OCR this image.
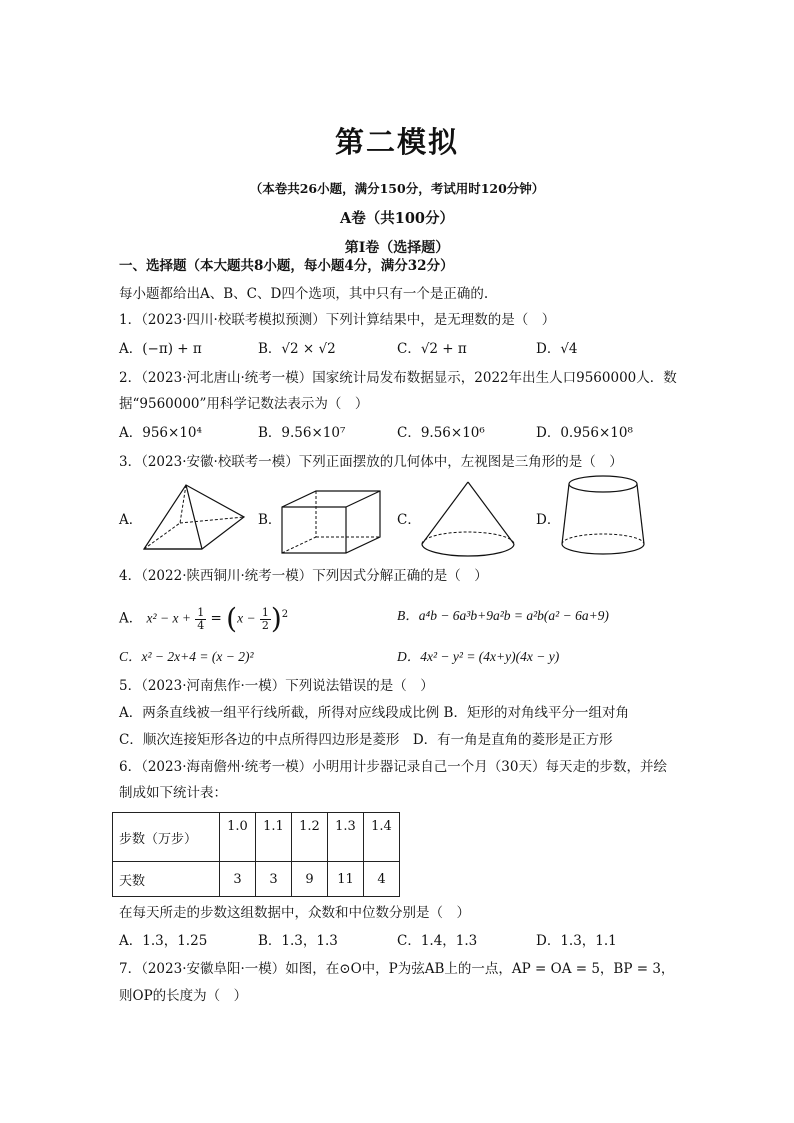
第二模拟
（本卷共26小题，满分150分，考试用时120分钟）
A卷（共100分）
第I卷（选择题）
一、选择题（本大题共8小题，每小题4分，满分32分）
每小题都给出A、B、C、D四个选项，其中只有一个是正确的.
1．（2023·四川·校联考模拟预测）下列计算结果中，是无理数的是（　）
A．(−π) + π	B．√2 × √2	C．√2 + π	D．√4
2．（2023·河北唐山·统考一模）国家统计局发布数据显示，2022年出生人口9560000人．数
据“9560000”用科学记数法表示为（　）
A．956×10⁴	B．9.56×10⁷	C．9.56×10⁶	D．0.956×10⁸
3．（2023·安徽·校联考一模）下列正面摆放的几何体中，左视图是三角形的是（　）
A．	B．	C．	D．
4．（2022·陕西铜川·统考一模）下列因式分解正确的是（　）
A． $x^2 - x + \frac{1}{4} = (x - \frac{1}{2} )^2$	B．a⁴b − 6a³b+9a²b = a²b(a² − 6a+9)
C．x² − 2x+4 = (x − 2)²	D．4x² − y² = (4x+y)(4x − y)
5．（2023·河南焦作·一模）下列说法错误的是（　）
A．两条直线被一组平行线所截，所得对应线段成比例 B．矩形的对角线平分一组对角
C．顺次连接矩形各边的中点所得四边形是菱形　D．有一角是直角的菱形是正方形
6．（2023·海南儋州·统考一模）小明用计步器记录自己一个月（30天）每天走的步数，并绘
制成如下统计表：
步数（万步）	1.0	1.1	1.2	1.3	1.4
天数	3	3	9	11	4
在每天所走的步数这组数据中，众数和中位数分别是（　）
A．1.3，1.25	B．1.3，1.3	C．1.4，1.3	D．1.3，1.1
7．（2023·安徽阜阳·一模）如图，在⊙O中，P为弦AB上的一点，AP = OA = 5，BP = 3，
则OP的长度为（　）
